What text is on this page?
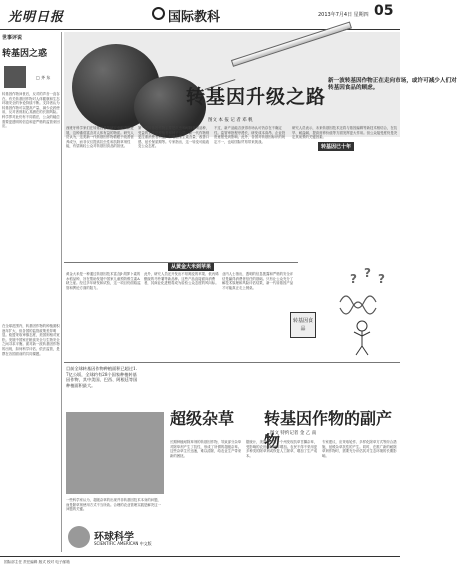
光明日报	国际教科	2013年7月4日 星期四 05
世事评说
转基因之惑
□ 齐 东
转基因作物问世后，反对的声音一直存在。有关转基因作物对人体健康和生态环境安全的争论持续不断。支持者认为转基因作物可以提高产量、减少农药使用，反对者则担心其潜在的长期风险。科学界对此仍有不同看法，公众的疑虑需要更透明的信息和更严格的监管来回应。
在全球范围内，转基因作物的种植面积逐年扩大，但各国的监管政策差异明显。欧盟采取审慎态度，美国则相对宽松。发展中国家在粮食安全与生物安全之间寻求平衡。面对新一波转基因作物的出现，如何科学评估、依法监管，是摆在各国面前的共同课题。
新一波转基因作物正在走向市场，或许可减少人们对转基因食品的顾虑。
转基因升级之路
图文 本 报 记 者 邓 帆
西班牙科学家们在转基因番茄研究中取得新进展，这种番茄富含对人体有益的物质。研究人员认为，这类新一代转基因作物着眼于改善营养成分，而非仅仅提高抗虫性和抗除草剂性能，有望减轻公众对转基因食品的担忧。
第一代转基因作物主要是抗虫和耐除草剂品种，受益的主要是种植者和种子公司。新一代作物则更注重消费者利益，如增加维生素含量、改善口感、延长保质期等。专家指出，这一转变可能改变公众态度。
不过，新产品能否获得市场认可仍存在不确定性。监管审批程序漫长，研发成本高昂，企业投资意愿受到影响。此外，各国对转基因标识的规定不一，也给国际贸易带来挑战。
研究人员表示，未来转基因技术还将与基因编辑等新技术相结合，在抗旱、耐盐碱、提高营养价值等方面发挥更大作用。但公众接受度仍是决定其前景的关键因素。
转基因已十年
从黄金大米到苹果
黄金大米是一种通过转基因技术富含β-胡萝卜素的水稻品种，旨在帮助发展中国家儿童预防维生素A缺乏症。经过多年研发和试验，这一项目仍面临监管和舆论方面的阻力。
此外，研究人员还开发出不易褐变的苹果、低丙烯酰胺的马铃薯等新品种。这些产品直接面向消费者，其商业化进程将成为检验公众态度的风向标。
业内人士指出，透明的信息披露和严格的安全评估是赢得消费者信任的基础。只有让公众充分了解技术原理和风险评估结果，新一代转基因产品才可能真正走上餐桌。
? ? ?
转基因食品
目前全球转基因作物种植面积已超过1.7亿公顷，全球约有28个国家种植转基因作物，其中美国、巴西、阿根廷等国种植面积最大。
超级杂草 转基因作物的副产物
图文 特约记者 金 乙 南
长期种植耐除草剂的转基因作物，导致部分杂草对除草剂产生了抗性，形成了所谓的超级杂草。这些杂草生长迅速，难以清除，给农业生产带来新的困扰。
据统计，美国已有数十个州发现抗草甘膦杂草，受影响的农田面积逐年增加。农民不得不采用更多种类的除草剂或恢复人工除草，增加了生产成本。
专家建议，应采取轮作、多样化除草方式等综合措施，延缓杂草抗性的产生。同时，在推广新的耐除草剂作物时，需要充分评估其对生态环境的长期影响。
一些科学家认为，超级杂草的出现并非转基因技术本身的问题，而是除草剂使用方式不当所致。合理的农业管理实践是解决这一问题的关键。
环球科学
SCIENTIFIC AMERICAN 中文版
国际部主任 责任编辑 版式 校对 电子邮箱
